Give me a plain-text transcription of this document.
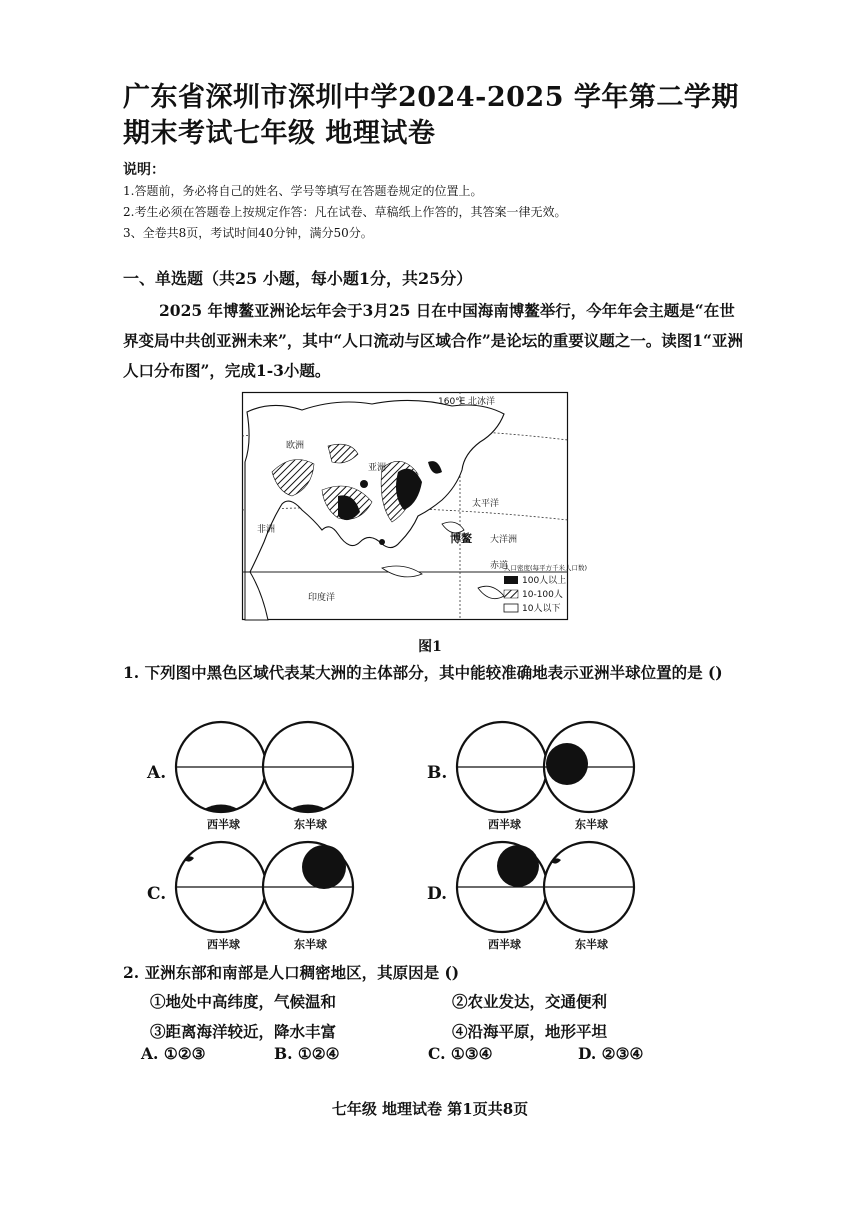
广东省深圳市深圳中学2024-2025 学年第二学期期末考试七年级 地理试卷
说明：
1.答题前，务必将自己的姓名、学号等填写在答题卷规定的位置上。
2.考生必须在答题卷上按规定作答：凡在试卷、草稿纸上作答的，其答案一律无效。
3、全卷共8页，考试时间40分钟，满分50分。
一、单选题（共25 小题，每小题1分，共25分）

2025 年博鳌亚洲论坛年会于3月25 日在中国海南博鳌举行，今年年会主题是“在世界变局中共创亚洲未来”，其中“人口流动与区域合作”是论坛的重要议题之一。读图1“亚洲人口分布图”，完成1-3小题。

160°E 北冰洋
欧洲
亚洲
非洲
太平洋
博鳌 大洋洲
印度洋
赤道
人口密度(每平方千米人口数)
100人以上
10-100人
10人以下
图1
1. 下列图中黑色区域代表某大洲的主体部分，其中能较准确地表示亚洲半球位置的是 ()
A.
西半球	东半球
B.
西半球	东半球
C.
西半球	东半球
D.
西半球	东半球
2. 亚洲东部和南部是人口稠密地区，其原因是 ()
①地处中高纬度，气候温和	②农业发达，交通便利
③距离海洋较近，降水丰富	④沿海平原，地形平坦
A. ①②③	B. ①②④	C. ①③④	D. ②③④
七年级 地理试卷 第1页共8页
